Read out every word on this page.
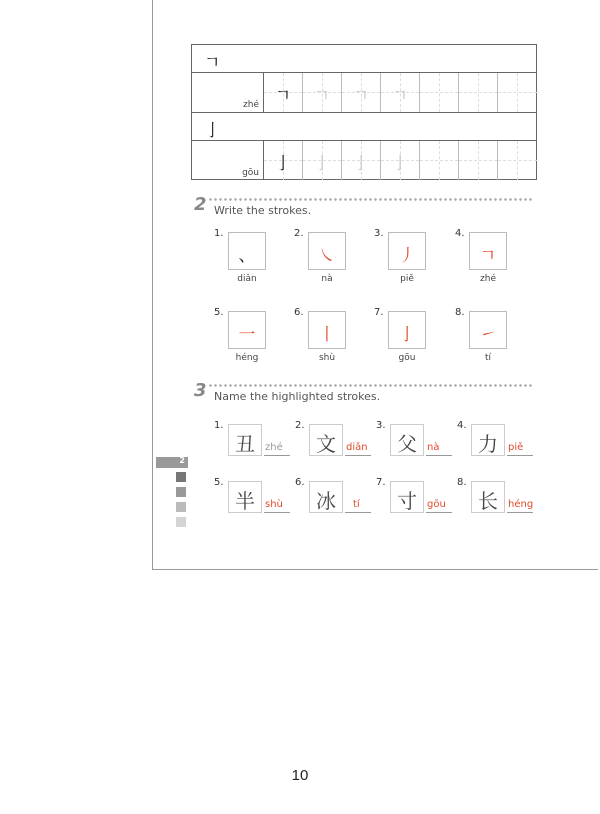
ㄱ
zhé ㄱ	ㄱ	ㄱ	ㄱ
亅
gōu 亅	亅	亅	亅
2 Write the strokes.
1.
、
diǎn
2.
㇏
nà
3.
丿
piě
4.
ㄱ
zhé
5.
一
héng
6.
丨
shù
7.
亅
gōu
8.
㇀
tí
3 Name the highlighted strokes.
1.
丑	zhé
2.
文	diǎn
3.
父	nà
4.
力	piě
5.
半	shù
6.
冰	tí
7.
寸	gōu
8.
长	héng
2
10
